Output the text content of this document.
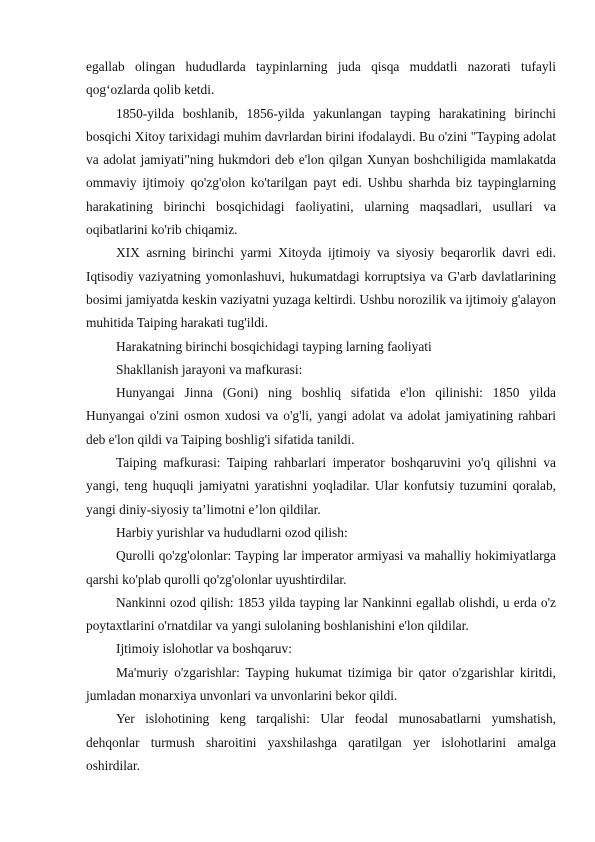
egallab olingan hududlarda taypinlarning juda qisqa muddatli nazorati tufayli qog‘ozlarda qolib ketdi.

1850-yilda boshlanib, 1856-yilda yakunlangan tayping harakatining birinchi bosqichi Xitoy tarixidagi muhim davrlardan birini ifodalaydi. Bu o'zini "Tayping adolat va adolat jamiyati"ning hukmdori deb e'lon qilgan Xunyan boshchiligida mamlakatda ommaviy ijtimoiy qo'zg'olon ko'tarilgan payt edi. Ushbu sharhda biz taypinglarning harakatining birinchi bosqichidagi faoliyatini, ularning maqsadlari, usullari va oqibatlarini ko'rib chiqamiz.

XIX asrning birinchi yarmi Xitoyda ijtimoiy va siyosiy beqarorlik davri edi. Iqtisodiy vaziyatning yomonlashuvi, hukumatdagi korruptsiya va G'arb davlatlarining bosimi jamiyatda keskin vaziyatni yuzaga keltirdi. Ushbu norozilik va ijtimoiy g'alayon muhitida Taiping harakati tug'ildi.

Harakatning birinchi bosqichidagi tayping larning faoliyati

Shakllanish jarayoni va mafkurasi:

Hunyangai Jinna (Goni) ning boshliq sifatida e'lon qilinishi: 1850 yilda Hunyangai o'zini osmon xudosi va o'g'li, yangi adolat va adolat jamiyatining rahbari deb e'lon qildi va Taiping boshlig'i sifatida tanildi.

Taiping mafkurasi: Taiping rahbarlari imperator boshqaruvini yo'q qilishni va yangi, teng huquqli jamiyatni yaratishni yoqladilar. Ular konfutsiy tuzumini qoralab, yangi diniy-siyosiy ta’limotni e’lon qildilar.

Harbiy yurishlar va hududlarni ozod qilish:

Qurolli qo'zg'olonlar: Tayping lar imperator armiyasi va mahalliy hokimiyatlarga qarshi ko'plab qurolli qo'zg'olonlar uyushtirdilar.

Nankinni ozod qilish: 1853 yilda tayping lar Nankinni egallab olishdi, u erda o'z poytaxtlarini o'rnatdilar va yangi sulolaning boshlanishini e'lon qildilar.

Ijtimoiy islohotlar va boshqaruv:

Ma'muriy o'zgarishlar: Tayping hukumat tizimiga bir qator o'zgarishlar kiritdi, jumladan monarxiya unvonlari va unvonlarini bekor qildi.

Yer islohotining keng tarqalishi: Ular feodal munosabatlarni yumshatish, dehqonlar turmush sharoitini yaxshilashga qaratilgan yer islohotlarini amalga oshirdilar.
